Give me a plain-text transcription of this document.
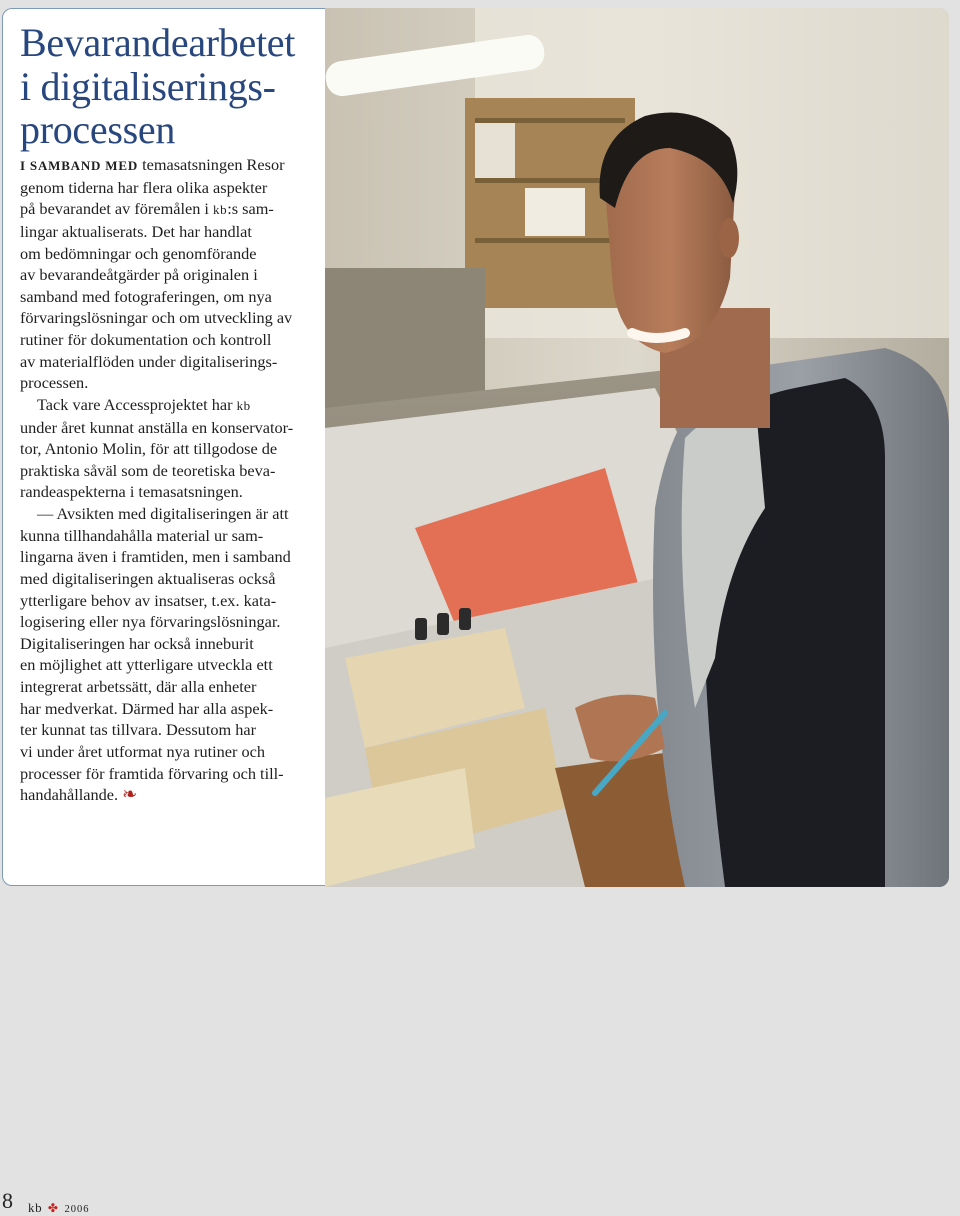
Bevarandearbetet
i digitaliserings-
processen
I SAMBAND MED temasatsningen Resor
genom tiderna har flera olika aspekter
på bevarandet av föremålen i kb:s sam-
lingar aktualiserats. Det har handlat
om bedömningar och genomförande
av bevarandeåtgärder på originalen i
samband med fotograferingen, om nya
förvaringslösningar och om utveckling av
rutiner för dokumentation och kontroll
av materialflöden under digitaliserings-
processen.
Tack vare Accessprojektet har kb
under året kunnat anställa en konservator-
tor, Antonio Molin, för att tillgodose de
praktiska såväl som de teoretiska beva-
randeaspekterna i temasatsningen.
— Avsikten med digitaliseringen är att
kunna tillhandahålla material ur sam-
lingarna även i framtiden, men i samband
med digitaliseringen aktualiseras också
ytterligare behov av insatser, t.ex. kata-
logisering eller nya förvaringslösningar.
Digitaliseringen har också inneburit
en möjlighet att ytterligare utveckla ett
integrerat arbetssätt, där alla enheter
har medverkat. Därmed har alla aspek-
ter kunnat tas tillvara. Dessutom har
vi under året utformat nya rutiner och
processer för framtida förvaring och till-
handahållande. ❧
8 kb ✤ 2006
